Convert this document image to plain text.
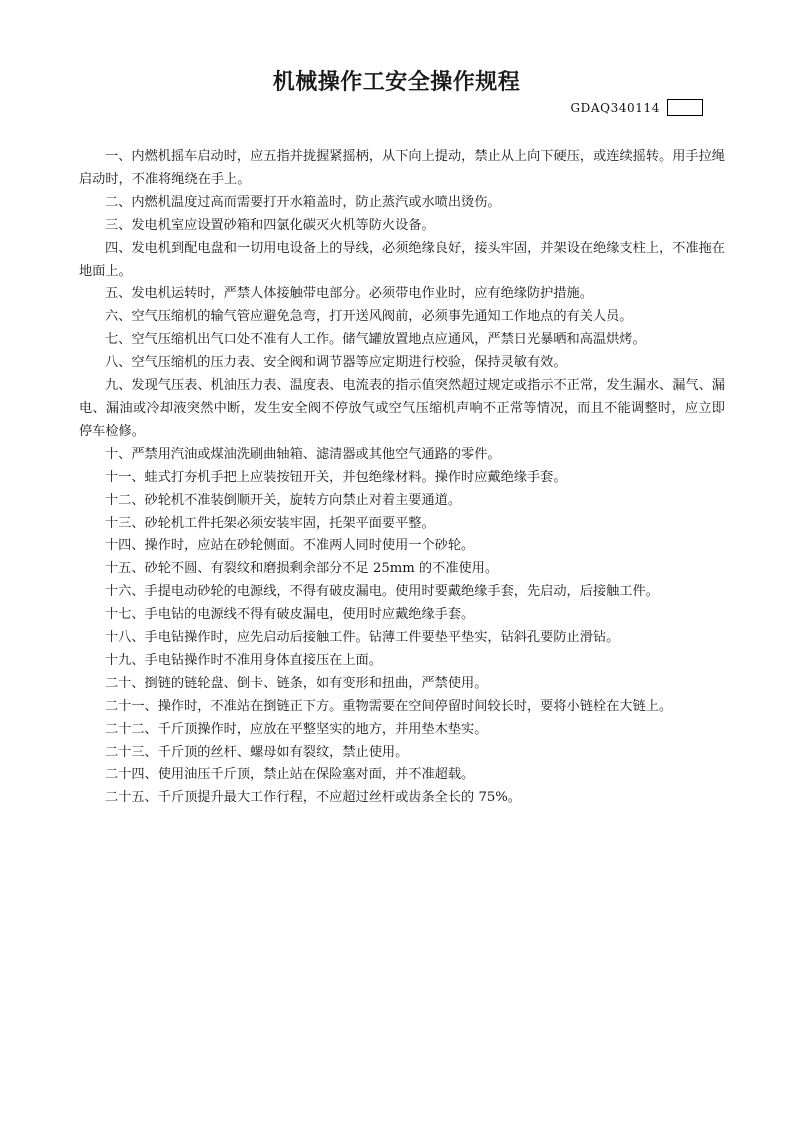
机械操作工安全操作规程
GDAQ340114

一、内燃机摇车启动时，应五指并拢握紧摇柄，从下向上提动，禁止从上向下硬压，或连续摇转。用手拉绳启动时，不准将绳绕在手上。

二、内燃机温度过高而需要打开水箱盖时，防止蒸汽或水喷出烫伤。

三、发电机室应设置砂箱和四氯化碳灭火机等防火设备。

四、发电机到配电盘和一切用电设备上的导线，必须绝缘良好，接头牢固，并架设在绝缘支柱上，不准拖在地面上。

五、发电机运转时，严禁人体接触带电部分。必须带电作业时，应有绝缘防护措施。

六、空气压缩机的输气管应避免急弯，打开送风阀前，必须事先通知工作地点的有关人员。

七、空气压缩机出气口处不准有人工作。储气罐放置地点应通风，严禁日光暴晒和高温烘烤。

八、空气压缩机的压力表、安全阀和调节器等应定期进行校验，保持灵敏有效。

九、发现气压表、机油压力表、温度表、电流表的指示值突然超过规定或指示不正常，发生漏水、漏气、漏电、漏油或冷却液突然中断，发生安全阀不停放气或空气压缩机声响不正常等情况，而且不能调整时，应立即停车检修。

十、严禁用汽油或煤油洗刷曲轴箱、滤清器或其他空气通路的零件。

十一、蛙式打夯机手把上应装按钮开关，并包绝缘材料。操作时应戴绝缘手套。

十二、砂轮机不准装倒顺开关，旋转方向禁止对着主要通道。

十三、砂轮机工件托架必须安装牢固，托架平面要平整。

十四、操作时，应站在砂轮侧面。不准两人同时使用一个砂轮。

十五、砂轮不圆、有裂纹和磨损剩余部分不足 25mm 的不准使用。

十六、手提电动砂轮的电源线，不得有破皮漏电。使用时要戴绝缘手套，先启动，后接触工件。

十七、手电钻的电源线不得有破皮漏电，使用时应戴绝缘手套。

十八、手电钻操作时，应先启动后接触工件。钻薄工件要垫平垫实，钻斜孔要防止滑钻。

十九、手电钻操作时不准用身体直接压在上面。

二十、捯链的链轮盘、倒卡、链条，如有变形和扭曲，严禁使用。

二十一、操作时，不准站在捯链正下方。重物需要在空间停留时间较长时，要将小链栓在大链上。

二十二、千斤顶操作时，应放在平整坚实的地方，并用垫木垫实。

二十三、千斤顶的丝杆、螺母如有裂纹，禁止使用。

二十四、使用油压千斤顶，禁止站在保险塞对面，并不准超载。

二十五、千斤顶提升最大工作行程，不应超过丝杆或齿条全长的 75%。
